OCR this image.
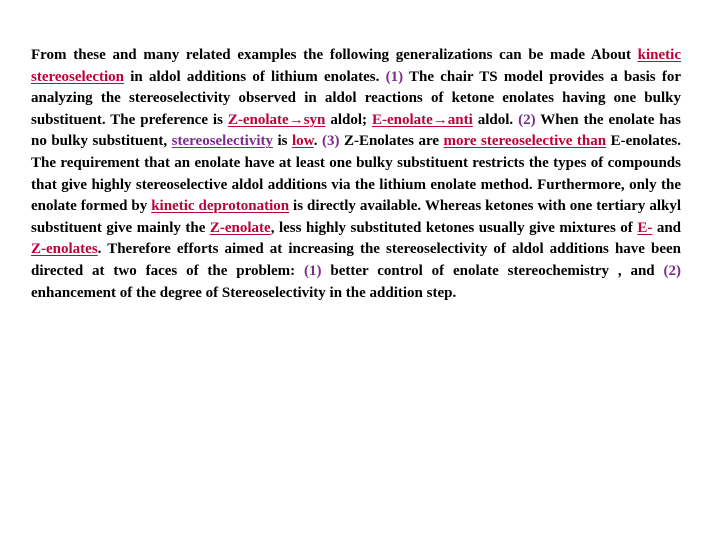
From these and many related examples the following generalizations can be made About kinetic stereoselection in aldol additions of lithium enolates. (1) The chair TS model provides a basis for analyzing the stereoselectivity observed in aldol reactions of ketone enolates having one bulky substituent. The preference is Z-enolate→syn aldol; E-enolate→anti aldol. (2) When the enolate has no bulky substituent, stereoselectivity is low. (3) Z-Enolates are more stereoselective than E-enolates. The requirement that an enolate have at least one bulky substituent restricts the types of compounds that give highly stereoselective aldol additions via the lithium enolate method. Furthermore, only the enolate formed by kinetic deprotonation is directly available. Whereas ketones with one tertiary alkyl substituent give mainly the Z-enolate, less highly substituted ketones usually give mixtures of E- and Z-enolates. Therefore efforts aimed at increasing the stereoselectivity of aldol additions have been directed at two faces of the problem: (1) better control of enolate stereochemistry , and (2) enhancement of the degree of Stereoselectivity in the addition step.
